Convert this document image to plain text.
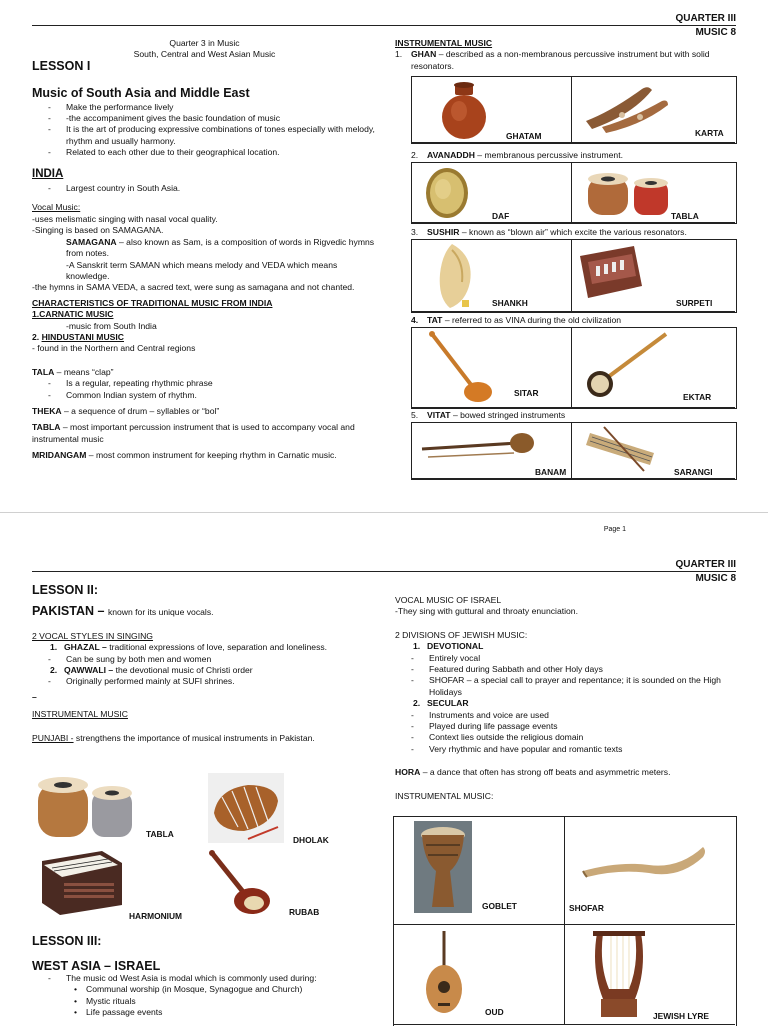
QUARTER III
MUSIC 8
Quarter 3 in Music
South, Central and West Asian Music
LESSON I
Music of South Asia and Middle East
- Make the performance lively
- -the accompaniment gives the basic foundation of music
- It is the art of producing expressive combinations of tones especially with melody, rhythm and usually harmony.
- Related to each other due to their geographical location.
INDIA
- Largest country in South Asia.
Vocal Music:
-uses melismatic singing with nasal vocal quality.
-Singing is based on SAMAGANA.
SAMAGANA – also known as Sam, is a composition of words in Rigvedic hymns from notes.
-A Sanskrit term SAMAN which means melody and VEDA which means knowledge.
-the hymns in SAMA VEDA, a sacred text, were sung as samagana and not chanted.
CHARACTERISTICS OF TRADITIONAL MUSIC FROM INDIA
1.CARNATIC MUSIC
-music from South India
2. HINDUSTANI MUSIC
- found in the Northern and Central regions
TALA – means “clap”
- Is a regular, repeating rhythmic phrase
- Common Indian system of rhythm.
THEKA – a sequence of drum – syllables or “bol”
TABLA – most important percussion instrument that is used to accompany vocal and instrumental music
MRIDANGAM – most common instrument for keeping rhythm in Carnatic music.
INSTRUMENTAL MUSIC
1. GHAN – described as a non-membranous percussive instrument but with solid resonators.
GHATAM	KARTA
2. AVANADDH – membranous percussive instrument.
DAF	TABLA
3. SUSHIR – known as “blown air” which excite the various resonators.
SHANKH	SURPETI
4. TAT – referred to as VINA during the old civilization
SITAR	EKTAR
5. VITAT – bowed stringed instruments
BANAM	SARANGI
Page 1
QUARTER III
MUSIC 8
LESSON II:
PAKISTAN – known for its unique vocals.
2 VOCAL STYLES IN SINGING
1. GHAZAL – traditional expressions of love, separation and loneliness.
- Can be sung by both men and women
2. QAWWALI – the devotional music of Christi order
- Originally performed mainly at SUFI shrines.
–
INSTRUMENTAL MUSIC
PUNJABI - strengthens the importance of musical instruments in Pakistan.
TABLA
DHOLAK
HARMONIUM	RUBAB
LESSON III:
WEST ASIA – ISRAEL
- The music od West Asia is modal which is commonly used during:
• Communal worship (in Mosque, Synagogue and Church)
• Mystic rituals
• Life passage events
VOCAL MUSIC OF ISRAEL
-They sing with guttural and throaty enunciation.
2 DIVISIONS OF JEWISH MUSIC:
1. DEVOTIONAL
- Entirely vocal
- Featured during Sabbath and other Holy days
- SHOFAR – a special call to prayer and repentance; it is sounded on the High Holidays
2. SECULAR
- Instruments and voice are used
- Played during life passage events
- Context lies outside the religious domain
- Very rhythmic and have popular and romantic texts
HORA – a dance that often has strong off beats and asymmetric meters.
INSTRUMENTAL MUSIC:
GOBLET	SHOFAR
OUD	JEWISH LYRE
